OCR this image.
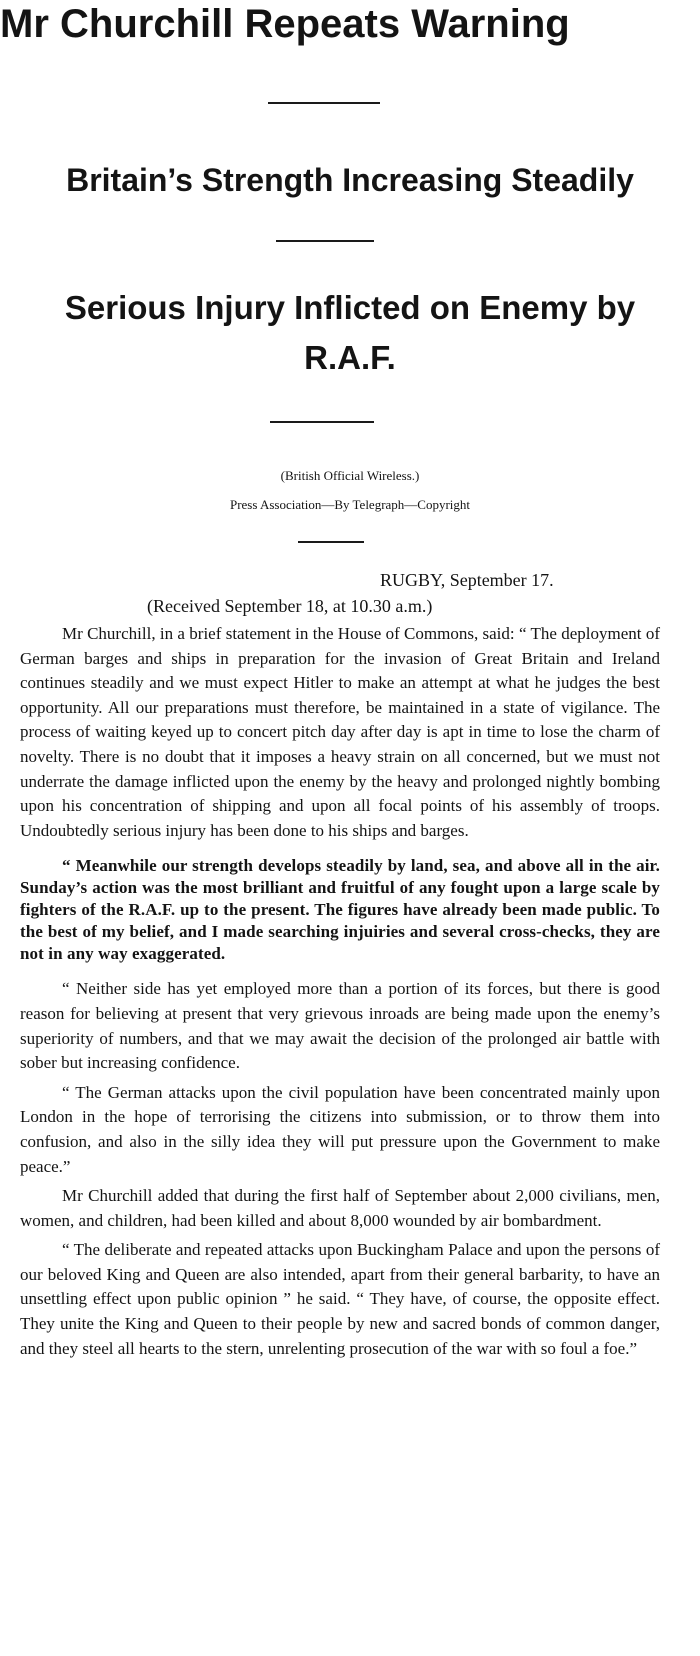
Mr Churchill Repeats Warning
Britain’s Strength Increasing Steadily
Serious Injury Inflicted on Enemy by R.A.F.
(British Official Wireless.)
Press Association—By Telegraph—Copyright
RUGBY, September 17.
(Received September 18, at 10.30 a.m.)

Mr Churchill, in a brief statement in the House of Commons, said: “ The deployment of German barges and ships in preparation for the invasion of Great Britain and Ireland continues steadily and we must expect Hitler to make an attempt at what he judges the best opportunity. All our preparations must therefore, be maintained in a state of vigilance. The process of waiting keyed up to concert pitch day after day is apt in time to lose the charm of novelty. There is no doubt that it imposes a heavy strain on all concerned, but we must not underrate the damage inflicted upon the enemy by the heavy and prolonged nightly bombing upon his concentration of shipping and upon all focal points of his assembly of troops. Undoubtedly serious injury has been done to his ships and barges.

“ Meanwhile our strength develops steadily by land, sea, and above all in the air. Sunday’s action was the most brilliant and fruitful of any fought upon a large scale by fighters of the R.A.F. up to the present. The figures have already been made public. To the best of my belief, and I made searching injuiries and several cross-checks, they are not in any way exaggerated.

“ Neither side has yet employed more than a portion of its forces, but there is good reason for believing at present that very grievous inroads are being made upon the enemy’s superiority of numbers, and that we may await the decision of the prolonged air battle with sober but increasing confidence.

“ The German attacks upon the civil population have been concentrated mainly upon London in the hope of terrorising the citizens into submission, or to throw them into confusion, and also in the silly idea they will put pressure upon the Government to make peace.”

Mr Churchill added that during the first half of September about 2,000 civilians, men, women, and children, had been killed and about 8,000 wounded by air bombardment.

“ The deliberate and repeated attacks upon Buckingham Palace and upon the persons of our beloved King and Queen are also intended, apart from their general barbarity, to have an unsettling effect upon public opinion ” he said. “ They have, of course, the opposite effect. They unite the King and Queen to their people by new and sacred bonds of common danger, and they steel all hearts to the stern, unrelenting prosecution of the war with so foul a foe.”
